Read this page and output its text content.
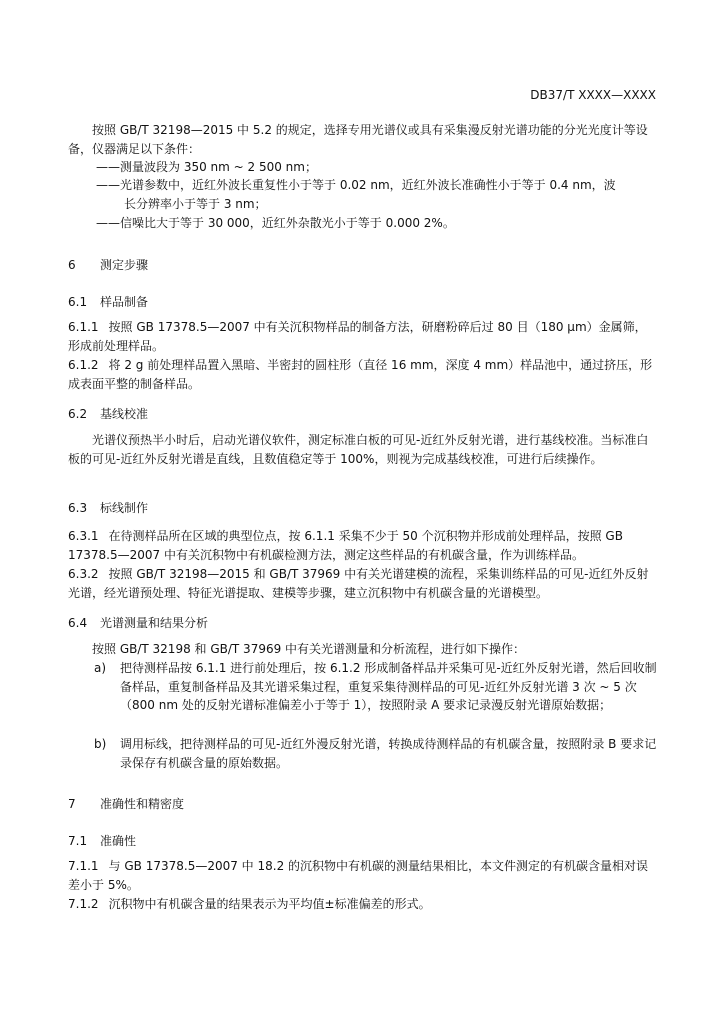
DB37/T XXXX—XXXX
按照 GB/T 32198—2015 中 5.2 的规定，选择专用光谱仪或具有采集漫反射光谱功能的分光光度计等设备，仪器满足以下条件：
——测量波段为 350 nm ~ 2 500 nm；
——光谱参数中，近红外波长重复性小于等于 0.02 nm，近红外波长准确性小于等于 0.4 nm，波
长分辨率小于等于 3 nm；
——信噪比大于等于 30 000，近红外杂散光小于等于 0.000 2%。
6 测定步骤
6.1 样品制备
6.1.1 按照 GB 17378.5—2007 中有关沉积物样品的制备方法，研磨粉碎后过 80 目（180 μm）金属筛，形成前处理样品。
6.1.2 将 2 g 前处理样品置入黑暗、半密封的圆柱形（直径 16 mm，深度 4 mm）样品池中，通过挤压，形成表面平整的制备样品。
6.2 基线校准
光谱仪预热半小时后，启动光谱仪软件，测定标准白板的可见-近红外反射光谱，进行基线校准。当标准白板的可见-近红外反射光谱是直线，且数值稳定等于 100%，则视为完成基线校准，可进行后续操作。
6.3 标线制作
6.3.1 在待测样品所在区域的典型位点，按 6.1.1 采集不少于 50 个沉积物并形成前处理样品，按照 GB 17378.5—2007 中有关沉积物中有机碳检测方法，测定这些样品的有机碳含量，作为训练样品。
6.3.2 按照 GB/T 32198—2015 和 GB/T 37969 中有关光谱建模的流程，采集训练样品的可见-近红外反射光谱，经光谱预处理、特征光谱提取、建模等步骤，建立沉积物中有机碳含量的光谱模型。
6.4 光谱测量和结果分析
按照 GB/T 32198 和 GB/T 37969 中有关光谱测量和分析流程，进行如下操作：
a)	把待测样品按 6.1.1 进行前处理后，按 6.1.2 形成制备样品并采集可见-近红外反射光谱，然后回收制备样品，重复制备样品及其光谱采集过程，重复采集待测样品的可见-近红外反射光谱 3 次 ~ 5 次（800 nm 处的反射光谱标准偏差小于等于 1），按照附录 A 要求记录漫反射光谱原始数据；
b)	调用标线，把待测样品的可见-近红外漫反射光谱，转换成待测样品的有机碳含量，按照附录 B 要求记录保存有机碳含量的原始数据。
7 准确性和精密度
7.1 准确性
7.1.1 与 GB 17378.5—2007 中 18.2 的沉积物中有机碳的测量结果相比，本文件测定的有机碳含量相对误差小于 5%。
7.1.2 沉积物中有机碳含量的结果表示为平均值±标准偏差的形式。
